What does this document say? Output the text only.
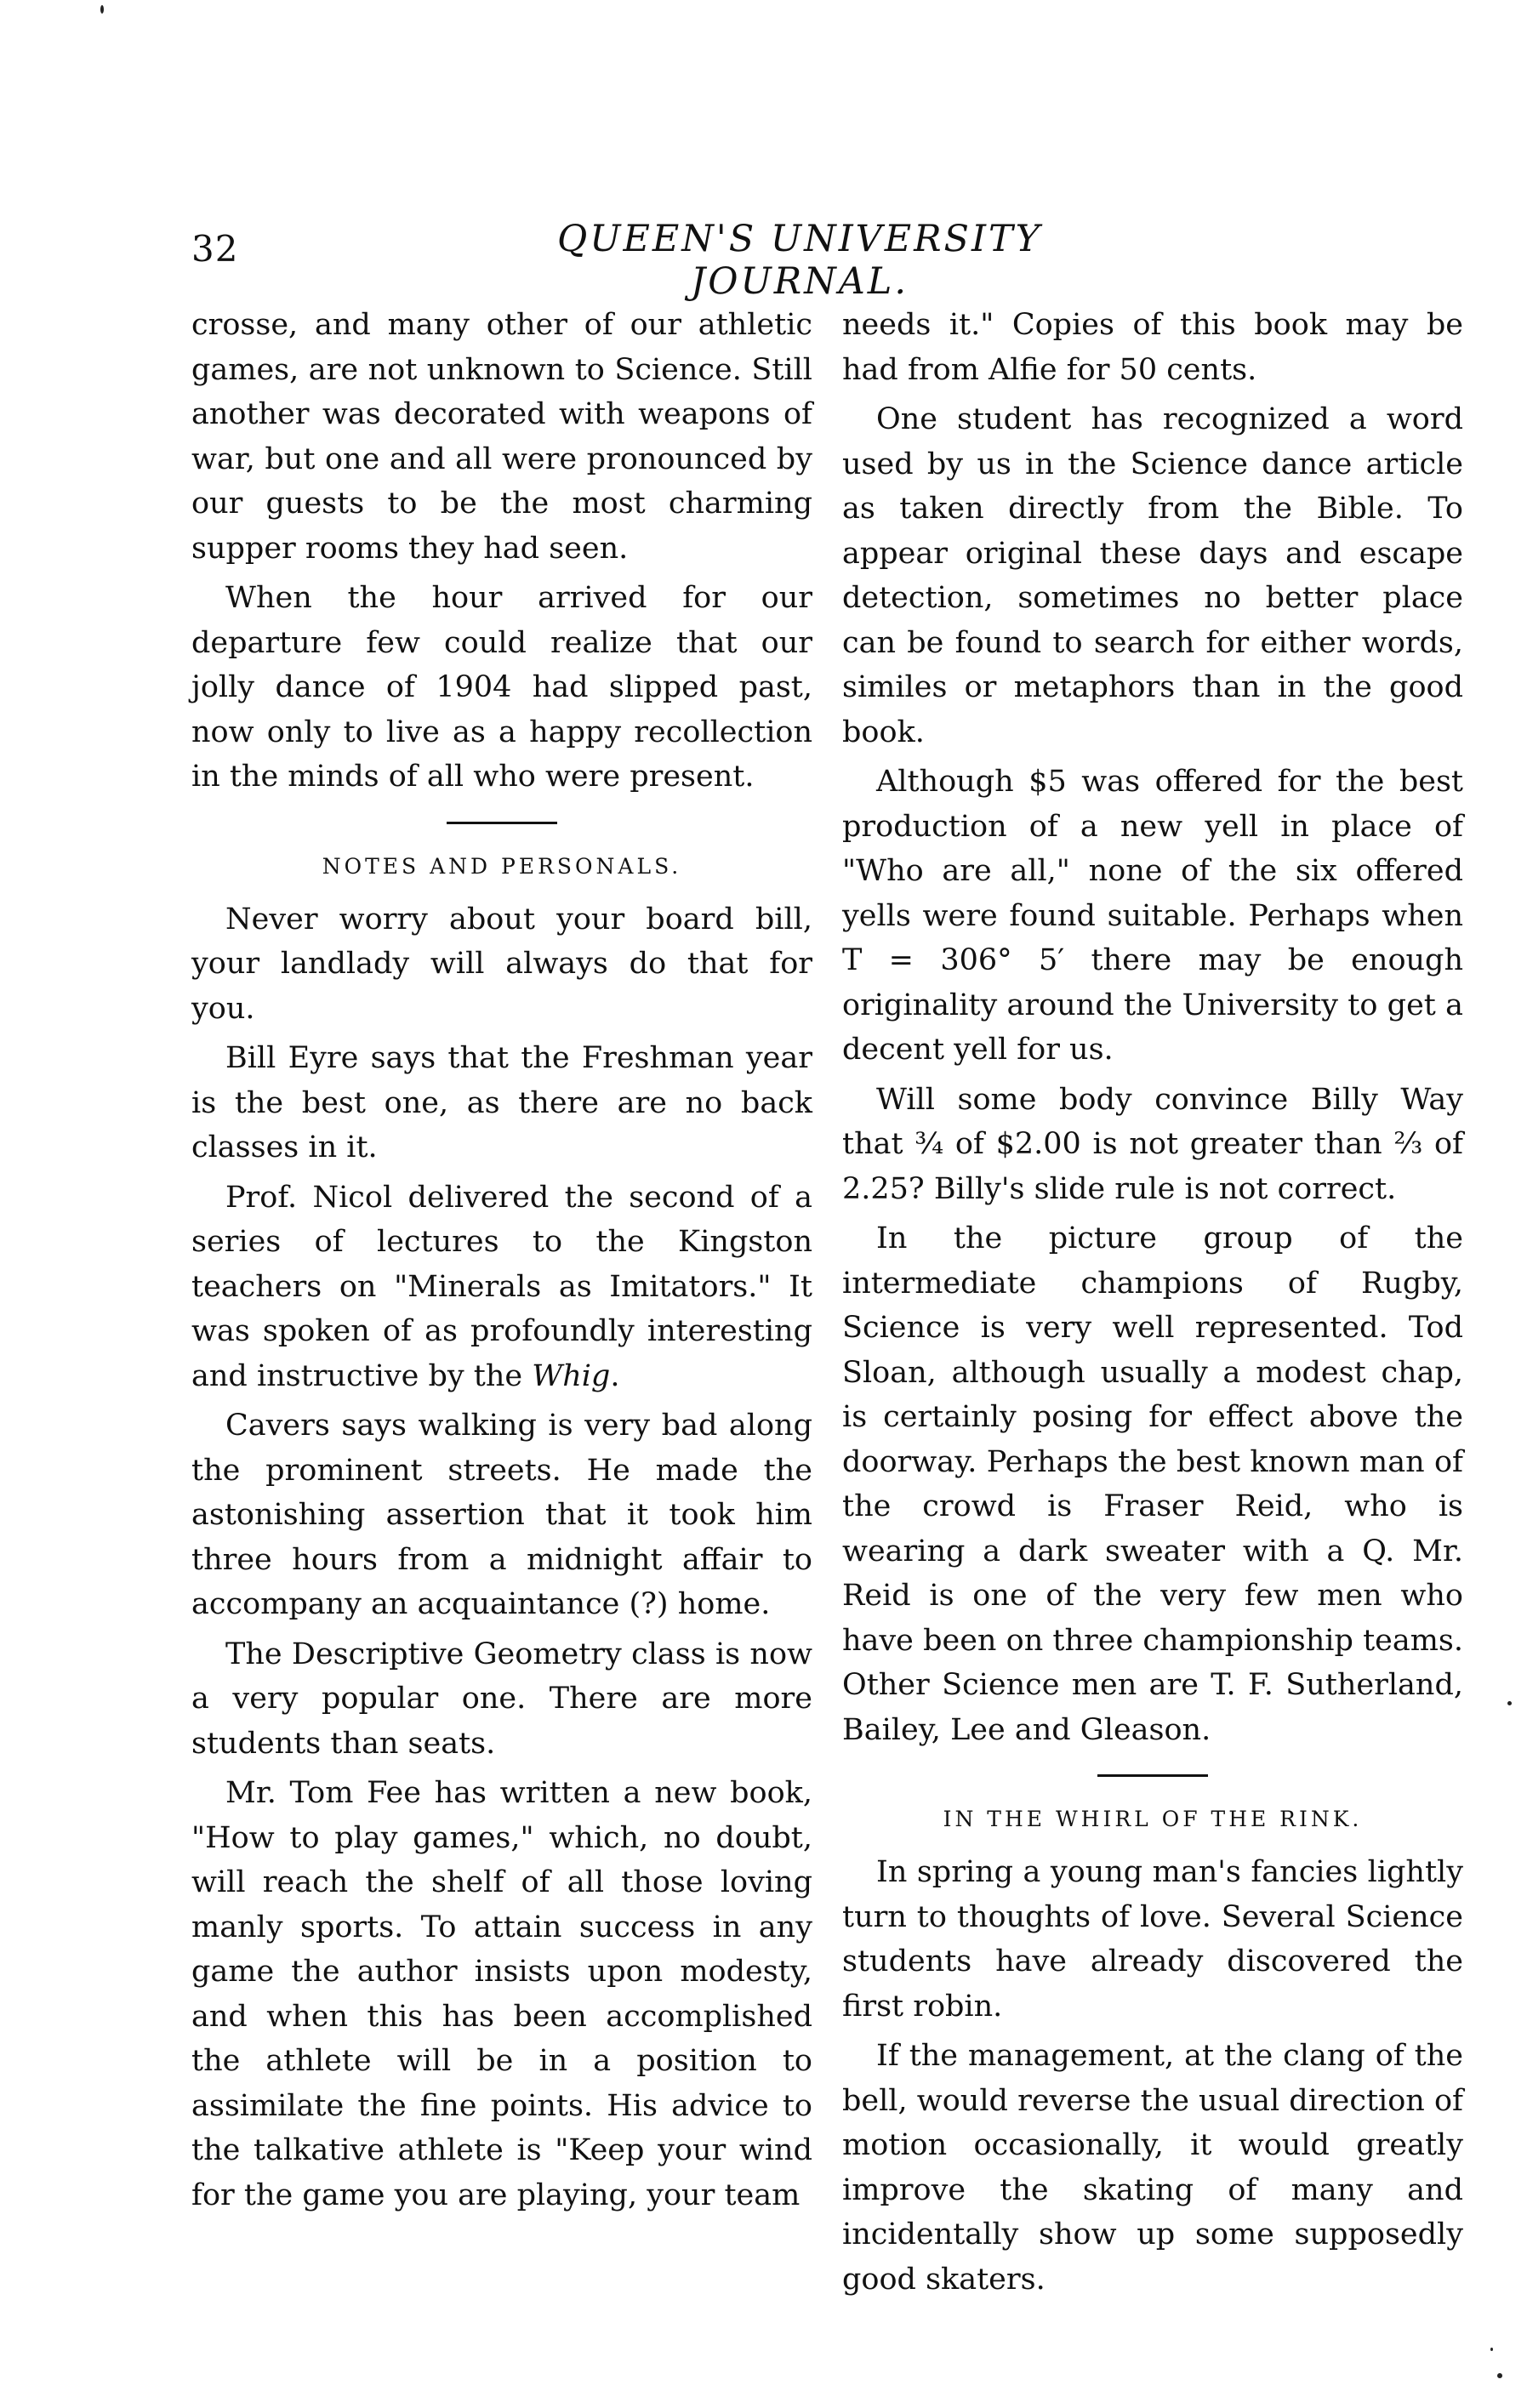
32	QUEEN'S UNIVERSITY JOURNAL.

crosse, and many other of our athletic games, are not unknown to Science. Still another was decorated with weapons of war, but one and all were pronounced by our guests to be the most charming supper rooms they had seen.

When the hour arrived for our departure few could realize that our jolly dance of 1904 had slipped past, now only to live as a happy recollection in the minds of all who were present.

NOTES AND PERSONALS.

Never worry about your board bill, your landlady will always do that for you.

Bill Eyre says that the Freshman year is the best one, as there are no back classes in it.

Prof. Nicol delivered the second of a series of lectures to the Kingston teachers on "Minerals as Imitators." It was spoken of as profoundly interesting and instructive by the Whig.

Cavers says walking is very bad along the prominent streets. He made the astonishing assertion that it took him three hours from a midnight affair to accompany an acquaintance (?) home.

The Descriptive Geometry class is now a very popular one. There are more students than seats.

Mr. Tom Fee has written a new book, "How to play games," which, no doubt, will reach the shelf of all those loving manly sports. To attain success in any game the author insists upon modesty, and when this has been accomplished the athlete will be in a position to assimilate the fine points. His advice to the talkative athlete is "Keep your wind for the game you are playing, your team

needs it." Copies of this book may be had from Alfie for 50 cents.

One student has recognized a word used by us in the Science dance article as taken directly from the Bible. To appear original these days and escape detection, sometimes no better place can be found to search for either words, similes or metaphors than in the good book.

Although $5 was offered for the best production of a new yell in place of "Who are all," none of the six offered yells were found suitable. Perhaps when T = 306° 5′ there may be enough originality around the University to get a decent yell for us.

Will some body convince Billy Way that ¾ of $2.00 is not greater than ⅔ of 2.25? Billy's slide rule is not correct.

In the picture group of the intermediate champions of Rugby, Science is very well represented. Tod Sloan, although usually a modest chap, is certainly posing for effect above the doorway. Perhaps the best known man of the crowd is Fraser Reid, who is wearing a dark sweater with a Q. Mr. Reid is one of the very few men who have been on three championship teams. Other Science men are T. F. Sutherland, Bailey, Lee and Gleason.

IN THE WHIRL OF THE RINK.

In spring a young man's fancies lightly turn to thoughts of love. Several Science students have already discovered the first robin.

If the management, at the clang of the bell, would reverse the usual direction of motion occasionally, it would greatly improve the skating of many and incidentally show up some supposedly good skaters.
